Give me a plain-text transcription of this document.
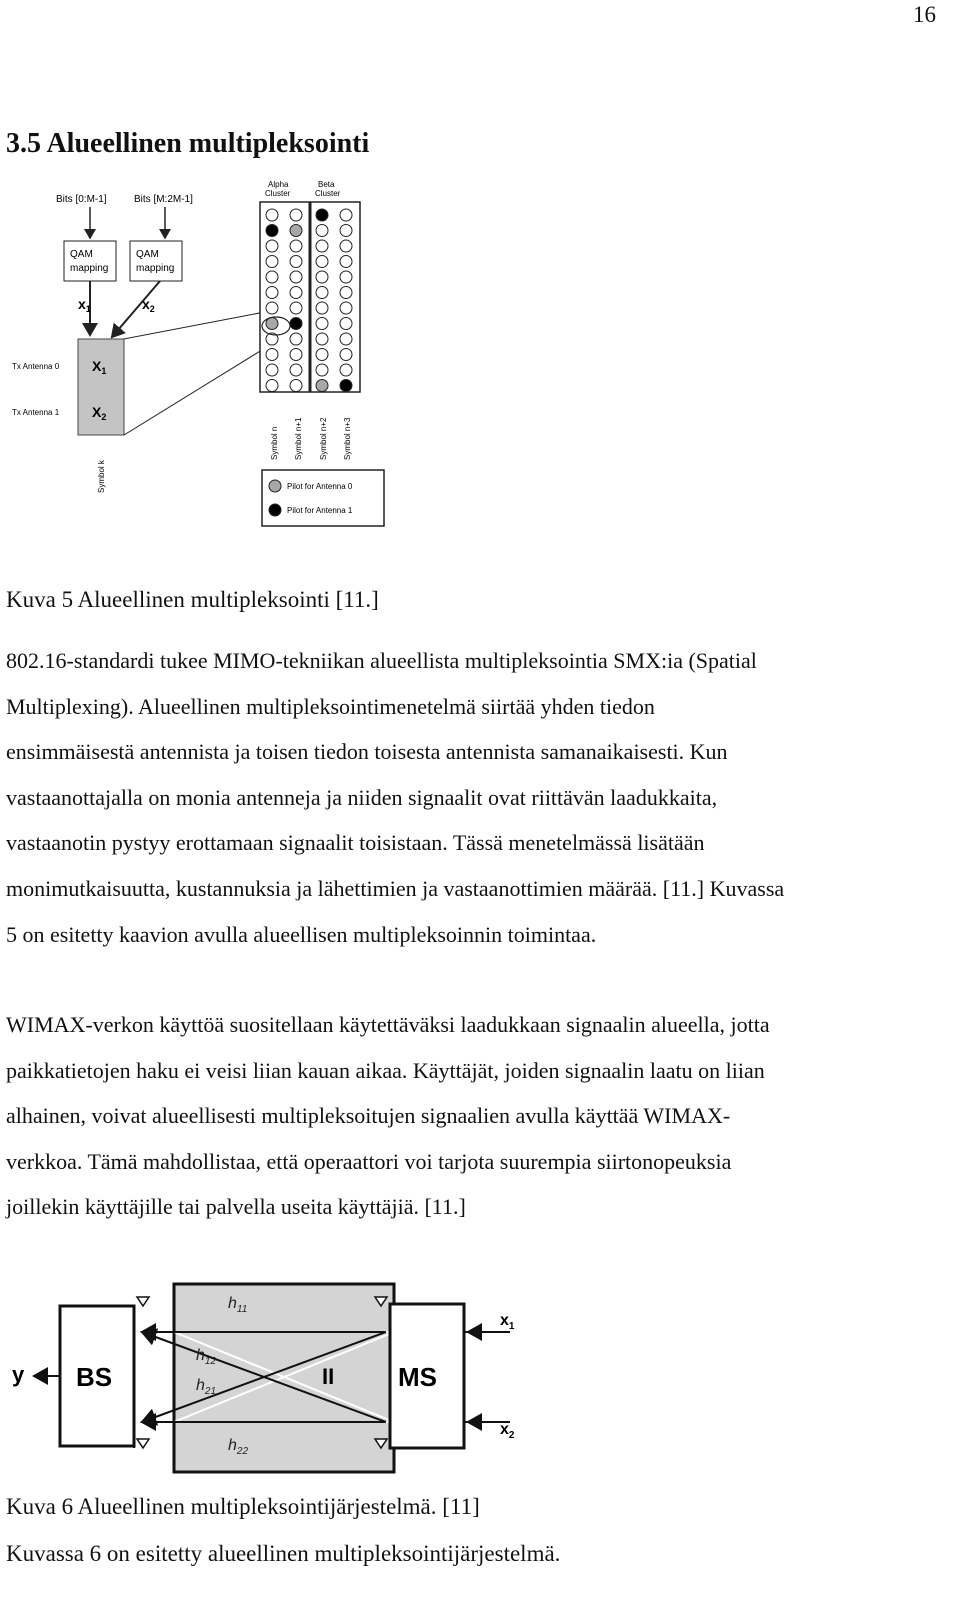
16
3.5 Alueellinen multipleksointi
Bits [0:M-1]	Bits [M:2M-1]
QAM
mapping
QAM
mapping
$x_1$	$x_2$
$X_1$
$X_2$
Tx Antenna 0
Tx Antenna 1
Symbol k
Alpha
Cluster
Beta
Cluster
Symbol n Symbol n+1 Symbol n+2 Symbol n+3
Pilot for Antenna 0
Pilot for Antenna 1
Kuva 5 Alueellinen multipleksointi [11.]

802.16-standardi tukee MIMO-tekniikan alueellista multipleksointia SMX:ia (Spatial
Multiplexing). Alueellinen multipleksointimenetelmä siirtää yhden tiedon
ensimmäisestä antennista ja toisen tiedon toisesta antennista samanaikaisesti. Kun
vastaanottajalla on monia antenneja ja niiden signaalit ovat riittävän laadukkaita,
vastaanotin pystyy erottamaan signaalit toisistaan. Tässä menetelmässä lisätään
monimutkaisuutta, kustannuksia ja lähettimien ja vastaanottimien määrää. [11.] Kuvassa
5 on esitetty kaavion avulla alueellisen multipleksoinnin toimintaa.

WIMAX-verkon käyttöä suositellaan käytettäväksi laadukkaan signaalin alueella, jotta
paikkatietojen haku ei veisi liian kauan aikaa. Käyttäjät, joiden signaalin laatu on liian
alhainen, voivat alueellisesti multipleksoitujen signaalien avulla käyttää WIMAX-
verkkoa. Tämä mahdollistaa, että operaattori voi tarjota suurempia siirtonopeuksia
joillekin käyttäjille tai palvella useita käyttäjiä. [11.]

BS	MS
y
$x_1$
$x_2$
$h_{11}$
$h_{12}$
$h_{21}$
$h_{22}$
II
Kuva 6 Alueellinen multipleksointijärjestelmä. [11]
Kuvassa 6 on esitetty alueellinen multipleksointijärjestelmä.
